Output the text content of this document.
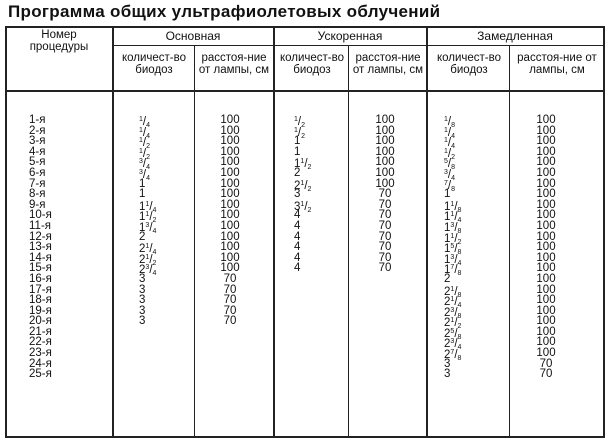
Программа общих ультрафиолетовых облучений
Номер процедуры
Основная	Ускоренная	Замедленная
количест-во биодоз
расстоя-ние от лампы, см
количест-во биодоз
расстоя-ние от лампы, см
количест-во биодоз
расстоя-ние от лампы, см
1-я
2-я
3-я
4-я
5-я
6-я
7-я
8-я
9-я
10-я
11-я
12-я
13-я
14-я
15-я
16-я
17-я
18-я
19-я
20-я
21-я
22-я
23-я
24-я
25-я
$^1/_4$
$^1/_4$
$^1/_2$
$^1/_2$
$^3/_4$
$^3/_4$
1
1
$1^1/_4$
$1^1/_2$
$1^3/_4$
2
$2^1/_4$
$2^1/_2$
$2^3/_4$
3
3
3
3
3
100
100
100
100
100
100
100
100
100
100
100
100
100
100
100
70
70
70
70
70
$^1/_2$
$^1/_2$
1
1
$1^1/_2$
2
$2^1/_2$
3
$3^1/_2$
4
4
4
4
4
4
100
100
100
100
100
100
100
70
70
70
70
70
70
70
70
$^1/_8$
$^1/_4$
$^1/_4$
$^1/_2$
$^5/_8$
$^3/_4$
$^7/_8$
1
$1^1/_8$
$1^1/_4$
$1^3/_8$
$1^1/_2$
$1^5/_8$
$1^3/_4$
$1^7/_8$
2
$2^1/_8$
$2^1/_4$
$2^3/_8$
$2^1/_2$
$2^5/_8$
$2^3/_4$
$2^7/_8$
3
3
100
100
100
100
100
100
100
100
100
100
100
100
100
100
100
100
100
100
100
100
100
100
100
70
70
